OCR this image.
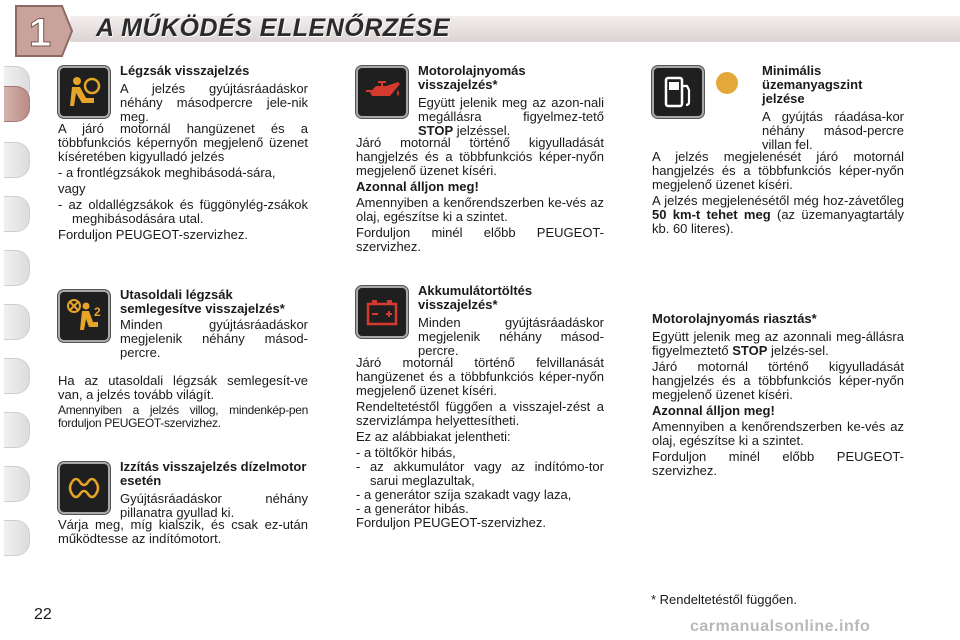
1 A MŰKÖDÉS ELLENŐRZÉSE
Légzsák visszajelzés
A jelzés gyújtásráadáskor néhány másodpercre jele-nik meg.
A járó motornál hangüzenet és a többfunkciós képernyőn megjelenő üzenet kíséretében kigyulladó jelzés
- a frontlégzsákok meghibásodá-sára,
vagy
- az oldallégzsákok és függönylég-zsákok meghibásodására utal.
Forduljon PEUGEOT-szervizhez.
2
Utasoldali légzsák semlegesítve visszajelzés*
Minden gyújtásráadáskor megjelenik néhány másod-percre.
Ha az utasoldali légzsák semlegesít-ve van, a jelzés tovább világít.
Amennyiben a jelzés villog, mindenkép-pen forduljon PEUGEOT-szervizhez.
Izzítás visszajelzés dízelmotor esetén
Gyújtásráadáskor néhány pillanatra gyullad ki.
Várja meg, míg kialszik, és csak ez-után működtesse az indítómotort.
Motorolajnyomás visszajelzés*
Együtt jelenik meg az azon-nali megállásra figyelmez-tető STOP jelzéssel.
Járó motornál történő kigyulladását hangjelzés és a többfunkciós képer-nyőn megjelenő üzenet kíséri.
Azonnal álljon meg!
Amennyiben a kenőrendszerben ke-vés az olaj, egészítse ki a szintet.
Forduljon minél előbb PEUGEOT-szervizhez.
Akkumulátortöltés visszajelzés*
Minden gyújtásráadáskor megjelenik néhány másod-percre.
Járó motornál történő felvillanását hangüzenet és a többfunkciós képer-nyőn megjelenő üzenet kíséri.
Rendeltetéstől függően a visszajel-zést a szervizlámpa helyettesítheti.
Ez az alábbiakat jelentheti:
- a töltőkör hibás,
- az akkumulátor vagy az indítómo-tor sarui meglazultak,
- a generátor szíja szakadt vagy laza,
- a generátor hibás.
Forduljon PEUGEOT-szervizhez.
Minimális üzemanyagszint jelzése
A gyújtás ráadása-kor néhány másod-percre villan fel.
A jelzés megjelenését járó motornál hangjelzés és a többfunkciós képer-nyőn megjelenő üzenet kíséri.
A jelzés megjelenésétől még hoz-závetőleg 50 km-t tehet meg (az üzemanyagtartály kb. 60 literes).
Motorolajnyomás riasztás*
Együtt jelenik meg az azonnali meg-állásra figyelmeztető STOP jelzés-sel.
Járó motornál történő kigyulladását hangjelzés és a többfunkciós képer-nyőn megjelenő üzenet kíséri.
Azonnal álljon meg!
Amennyiben a kenőrendszerben ke-vés az olaj, egészítse ki a szintet.
Forduljon minél előbb PEUGEOT-szervizhez.
* Rendeltetéstől függően.
22
carmanualsonline.info
